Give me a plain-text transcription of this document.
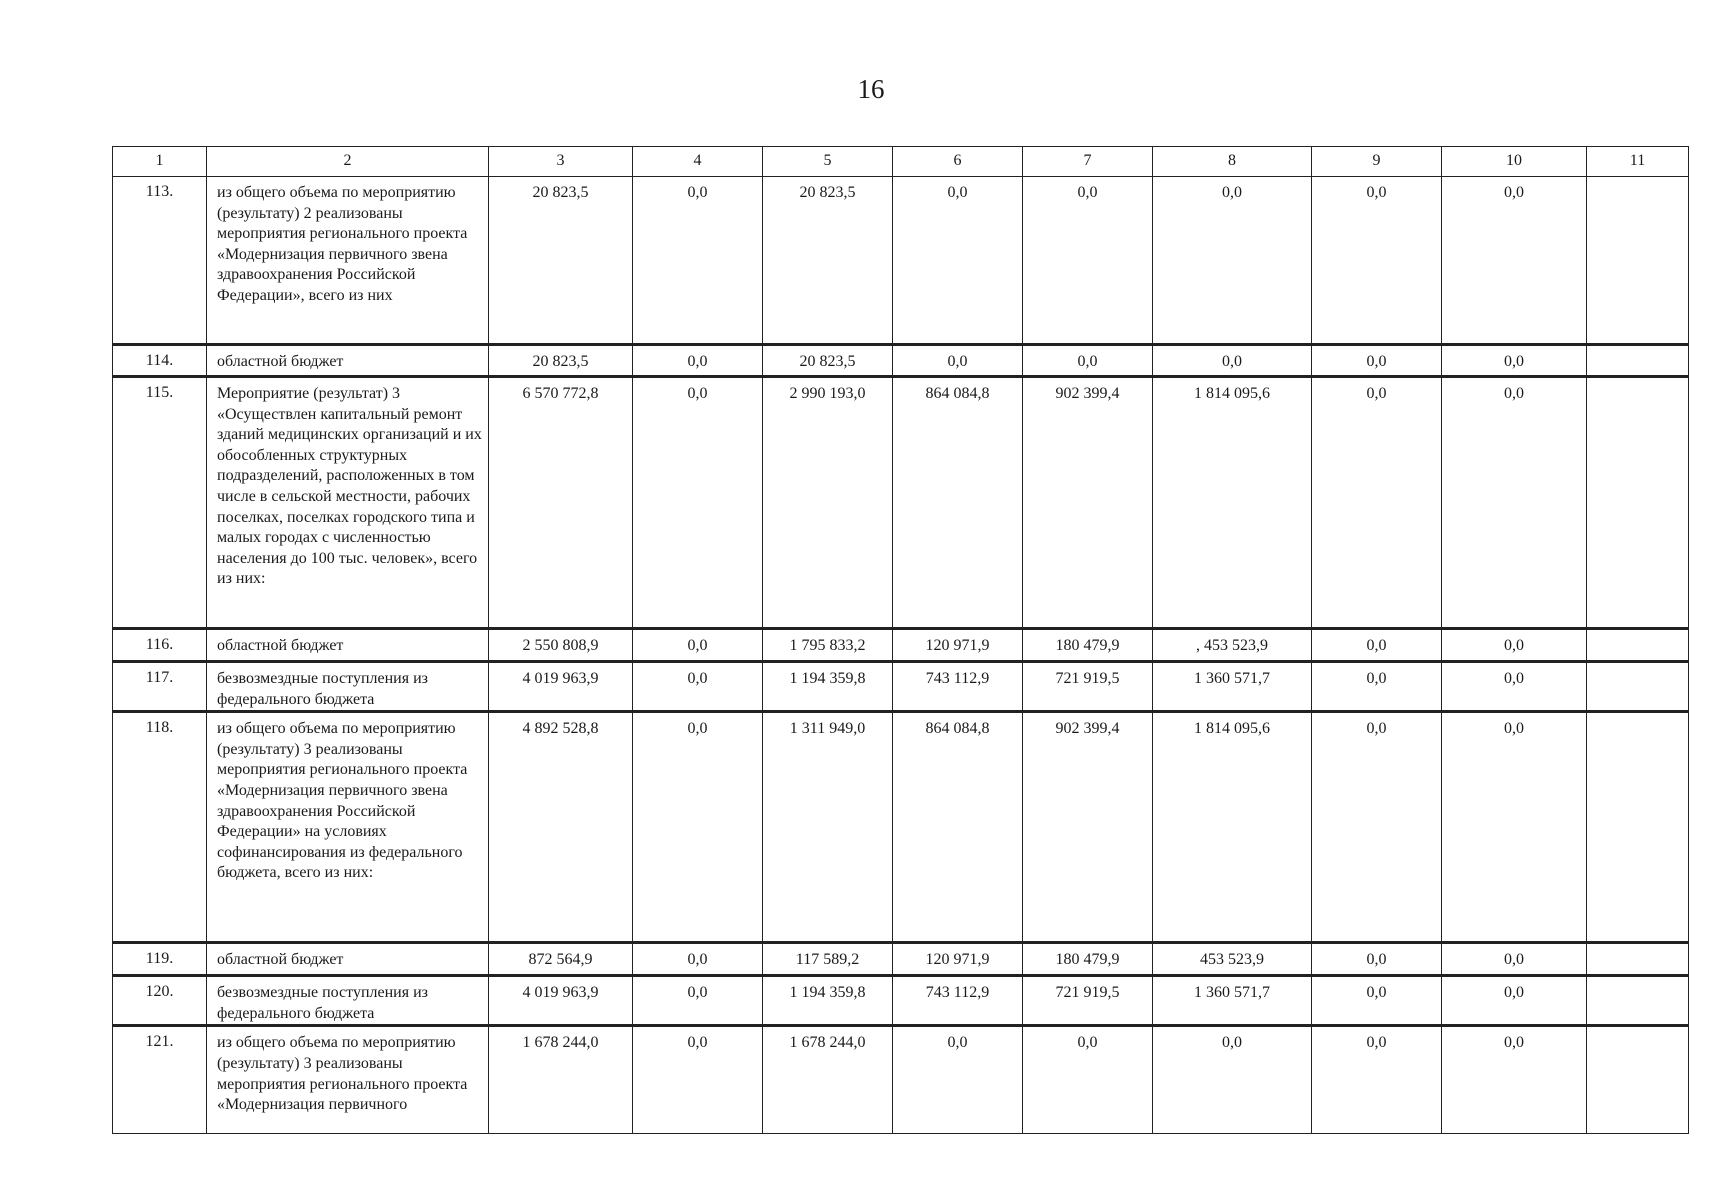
16
1	2	3	4	5	6	7	8	9	10	11
113.	из общего объема по мероприятию (результату) 2 реализованы мероприятия регионального проекта «Модернизация первичного звена здравоохранения Российской Федерации», всего из них	20 823,5	0,0	20 823,5	0,0	0,0	0,0	0,0	0,0	
114.	областной бюджет	20 823,5	0,0	20 823,5	0,0	0,0	0,0	0,0	0,0	
115.	Мероприятие (результат) 3 «Осуществлен капитальный ремонт зданий медицинских организаций и их обособленных структурных подразделений, расположенных в том числе в сельской местности, рабочих поселках, поселках городского типа и малых городах с численностью населения до 100 тыс. человек», всего из них:	6 570 772,8	0,0	2 990 193,0	864 084,8	902 399,4	1 814 095,6	0,0	0,0	
116.	областной бюджет	2 550 808,9	0,0	1 795 833,2	120 971,9	180 479,9	, 453 523,9	0,0	0,0	
117.	безвозмездные поступления из федерального бюджета	4 019 963,9	0,0	1 194 359,8	743 112,9	721 919,5	1 360 571,7	0,0	0,0	
118.	из общего объема по мероприятию (результату) 3 реализованы мероприятия регионального проекта «Модернизация первичного звена здравоохранения Российской Федерации» на условиях софинансирования из федерального бюджета, всего из них:	4 892 528,8	0,0	1 311 949,0	864 084,8	902 399,4	1 814 095,6	0,0	0,0	
119.	областной бюджет	872 564,9	0,0	117 589,2	120 971,9	180 479,9	453 523,9	0,0	0,0	
120.	безвозмездные поступления из федерального бюджета	4 019 963,9	0,0	1 194 359,8	743 112,9	721 919,5	1 360 571,7	0,0	0,0	
121.	из общего объема по мероприятию (результату) 3 реализованы мероприятия регионального проекта «Модернизация первичного	1 678 244,0	0,0	1 678 244,0	0,0	0,0	0,0	0,0	0,0	
